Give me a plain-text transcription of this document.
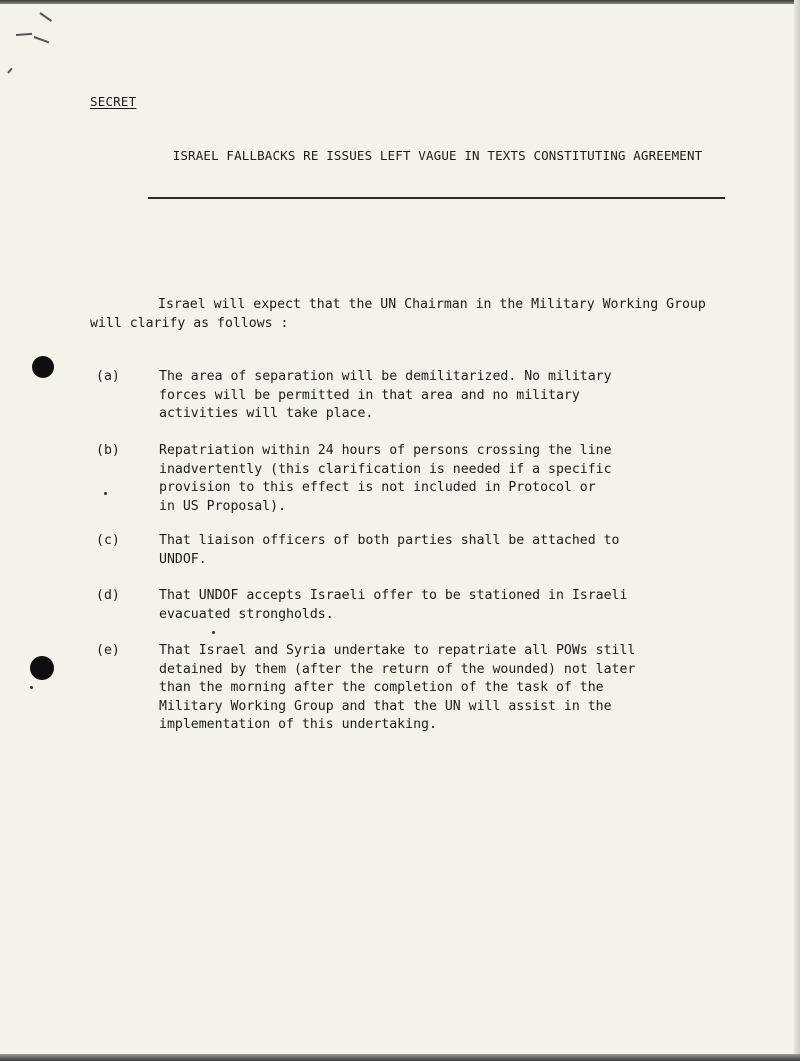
SECRET
ISRAEL FALLBACKS RE ISSUES LEFT VAGUE IN TEXTS CONSTITUTING AGREEMENT
Israel will expect that the UN Chairman in the Military Working Group will clarify as follows :
(a)	The area of separation will be demilitarized. No military
forces will be permitted in that area and no military
activities will take place.
(b)	Repatriation within 24 hours of persons crossing the line
inadvertently (this clarification is needed if a specific
provision to this effect is not included in Protocol or
in US Proposal).
(c)	That liaison officers of both parties shall be attached to
UNDOF.
(d)	That UNDOF accepts Israeli offer to be stationed in Israeli
evacuated strongholds.
(e)	That Israel and Syria undertake to repatriate all POWs still
detained by them (after the return of the wounded) not later
than the morning after the completion of the task of the
Military Working Group and that the UN will assist in the
implementation of this undertaking.
